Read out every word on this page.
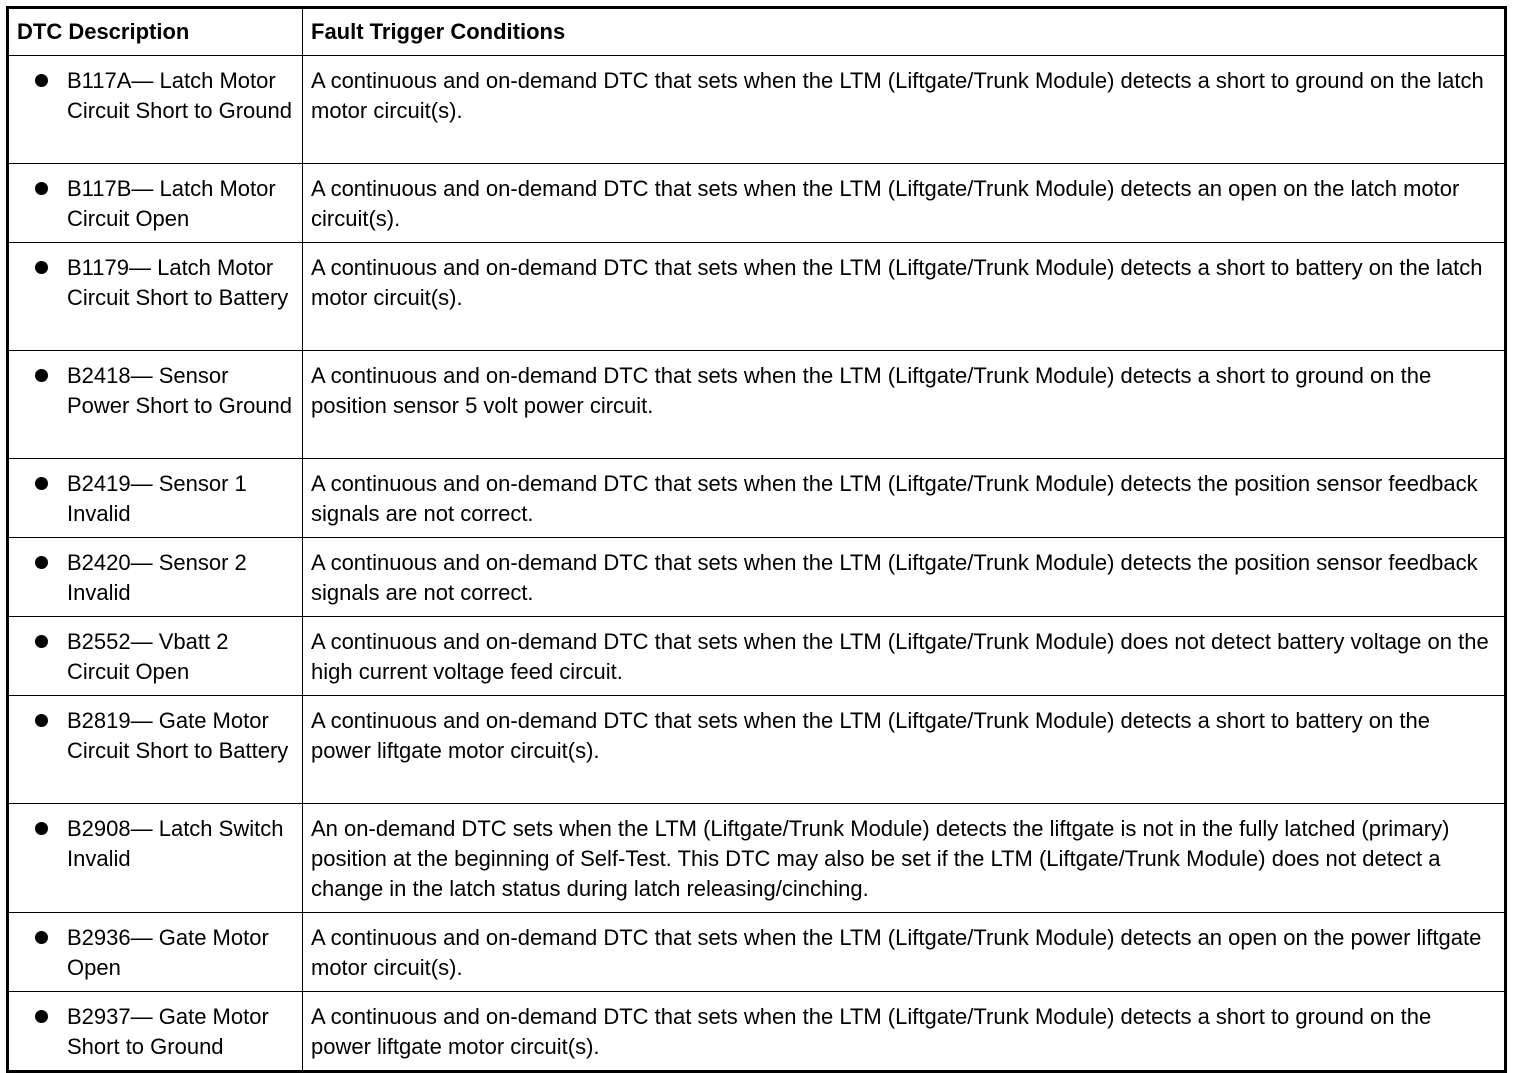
DTC Description	Fault Trigger Conditions

B117A— Latch Motor Circuit Short to Ground	A continuous and on-demand DTC that sets when the LTM (Liftgate/Trunk Module) detects a short to ground on the latch motor circuit(s).

B117B— Latch Motor Circuit Open	A continuous and on-demand DTC that sets when the LTM (Liftgate/Trunk Module) detects an open on the latch motor circuit(s).

B1179— Latch Motor Circuit Short to Battery	A continuous and on-demand DTC that sets when the LTM (Liftgate/Trunk Module) detects a short to battery on the latch motor circuit(s).

B2418— Sensor Power Short to Ground	A continuous and on-demand DTC that sets when the LTM (Liftgate/Trunk Module) detects a short to ground on the position sensor 5 volt power circuit.

B2419— Sensor 1 Invalid	A continuous and on-demand DTC that sets when the LTM (Liftgate/Trunk Module) detects the position sensor feedback signals are not correct.

B2420— Sensor 2 Invalid	A continuous and on-demand DTC that sets when the LTM (Liftgate/Trunk Module) detects the position sensor feedback signals are not correct.

B2552— Vbatt 2 Circuit Open	A continuous and on-demand DTC that sets when the LTM (Liftgate/Trunk Module) does not detect battery voltage on the high current voltage feed circuit.

B2819— Gate Motor Circuit Short to Battery	A continuous and on-demand DTC that sets when the LTM (Liftgate/Trunk Module) detects a short to battery on the power liftgate motor circuit(s).

B2908— Latch Switch Invalid	An on-demand DTC sets when the LTM (Liftgate/Trunk Module) detects the liftgate is not in the fully latched (primary) position at the beginning of Self-Test. This DTC may also be set if the LTM (Liftgate/Trunk Module) does not detect a change in the latch status during latch releasing/cinching.

B2936— Gate Motor Open	A continuous and on-demand DTC that sets when the LTM (Liftgate/Trunk Module) detects an open on the power liftgate motor circuit(s).

B2937— Gate Motor Short to Ground	A continuous and on-demand DTC that sets when the LTM (Liftgate/Trunk Module) detects a short to ground on the power liftgate motor circuit(s).
